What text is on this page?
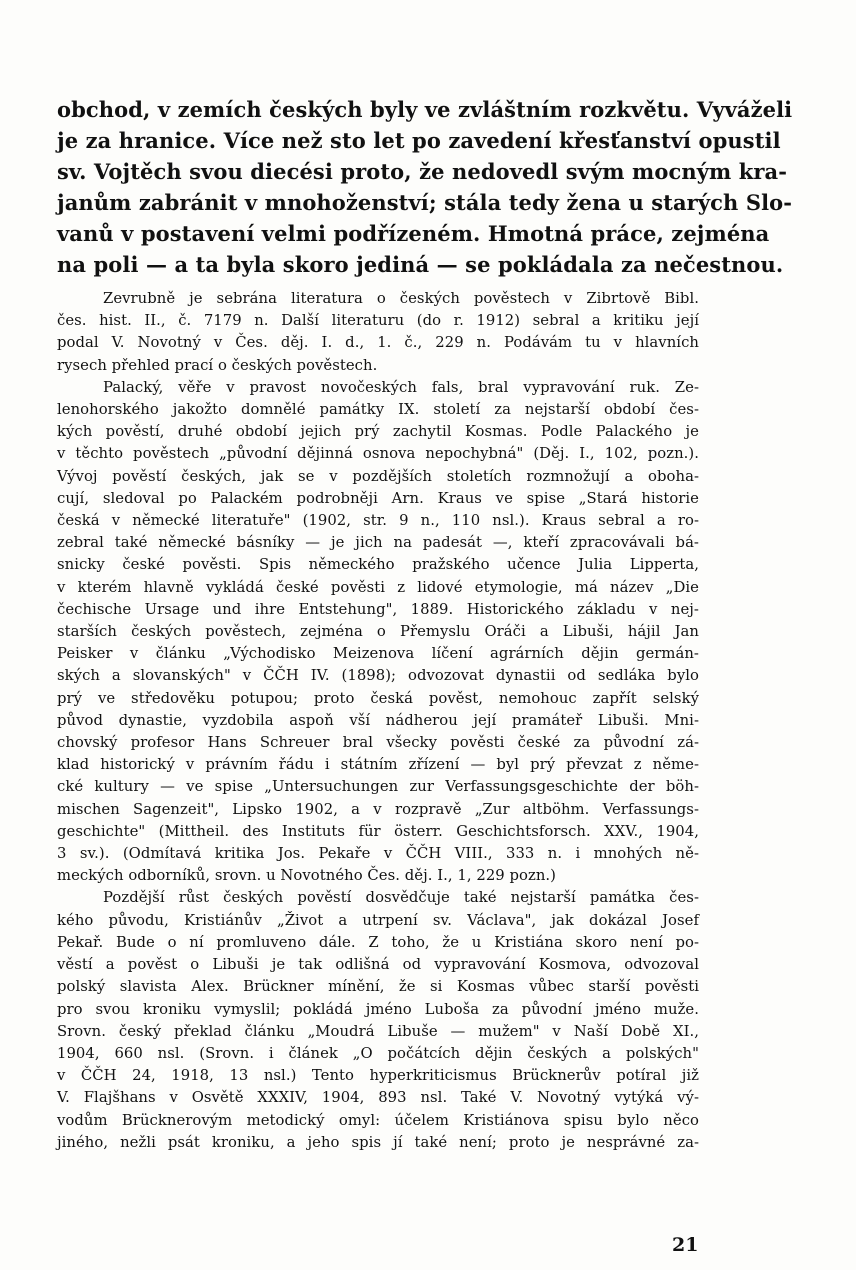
obchod, v zemích českých byly ve zvláštním rozkvětu. Vyváželi
je za hranice. Více než sto let po zavedení křesťanství opustil
sv. Vojtěch svou diecési proto, že nedovedl svým mocným kra-
janům zabránit v mnohoženství; stála tedy žena u starých Slo-
vanů v postavení velmi podřízeném. Hmotná práce, zejména
na poli — a ta byla skoro jediná — se pokládala za nečestnou.
Zevrubně je sebrána literatura o českých pověstech v Zibrtově Bibl.
čes. hist. II., č. 7179 n. Další literaturu (do r. 1912) sebral a kritiku její
podal V. Novotný v Čes. děj. I. d., 1. č., 229 n. Podávám tu v hlavních
rysech přehled prací o českých pověstech.
Palacký, věře v pravost novočeských fals, bral vypravování ruk. Ze-
lenohorského jakožto domnělé památky IX. století za nejstarší období čes-
kých pověstí, druhé období jejich prý zachytil Kosmas. Podle Palackého je
v těchto pověstech „původní dějinná osnova nepochybná" (Děj. I., 102, pozn.).
Vývoj pověstí českých, jak se v pozdějších stoletích rozmnožují a oboha-
cují, sledoval po Palackém podrobněji Arn. Kraus ve spise „Stará historie
česká v německé literatuře" (1902, str. 9 n., 110 nsl.). Kraus sebral a ro-
zebral také německé básníky — je jich na padesát —, kteří zpracovávali bá-
snicky české pověsti. Spis německého pražského učence Julia Lipperta,
v kterém hlavně vykládá české pověsti z lidové etymologie, má název „Die
čechische Ursage und ihre Entstehung", 1889. Historického základu v nej-
starších českých pověstech, zejména o Přemyslu Oráči a Libuši, hájil Jan
Peisker v článku „Východisko Meizenova líčení agrárních dějin germán-
ských a slovanských" v ČČH IV. (1898); odvozovat dynastii od sedláka bylo
prý ve středověku potupou; proto česká pověst, nemohouc zapřít selský
původ dynastie, vyzdobila aspoň vší nádherou její pramáteř Libuši. Mni-
chovský profesor Hans Schreuer bral všecky pověsti české za původní zá-
klad historický v právním řádu i státním zřízení — byl prý převzat z něme-
cké kultury — ve spise „Untersuchungen zur Verfassungsgeschichte der böh-
mischen Sagenzeit", Lipsko 1902, a v rozpravě „Zur altböhm. Verfassungs-
geschichte" (Mittheil. des Instituts für österr. Geschichtsforsch. XXV., 1904,
3 sv.). (Odmítavá kritika Jos. Pekaře v ČČH VIII., 333 n. i mnohých ně-
meckých odborníků, srovn. u Novotného Čes. děj. I., 1, 229 pozn.)
Pozdější růst českých pověstí dosvědčuje také nejstarší památka čes-
kého původu, Kristiánův „Život a utrpení sv. Václava", jak dokázal Josef
Pekař. Bude o ní promluveno dále. Z toho, že u Kristiána skoro není po-
věstí a pověst o Libuši je tak odlišná od vypravování Kosmova, odvozoval
polský slavista Alex. Brückner mínění, že si Kosmas vůbec starší pověsti
pro svou kroniku vymyslil; pokládá jméno Luboša za původní jméno muže.
Srovn. český překlad článku „Moudrá Libuše — mužem" v Naší Době XI.,
1904, 660 nsl. (Srovn. i článek „O počátcích dějin českých a polských"
v ČČH 24, 1918, 13 nsl.) Tento hyperkriticismus Brücknerův potíral již
V. Flajšhans v Osvětě XXXIV, 1904, 893 nsl. Také V. Novotný vytýká vý-
vodům Brücknerovým metodický omyl: účelem Kristiánova spisu bylo něco
jiného, nežli psát kroniku, a jeho spis jí také není; proto je nesprávné za-
21
